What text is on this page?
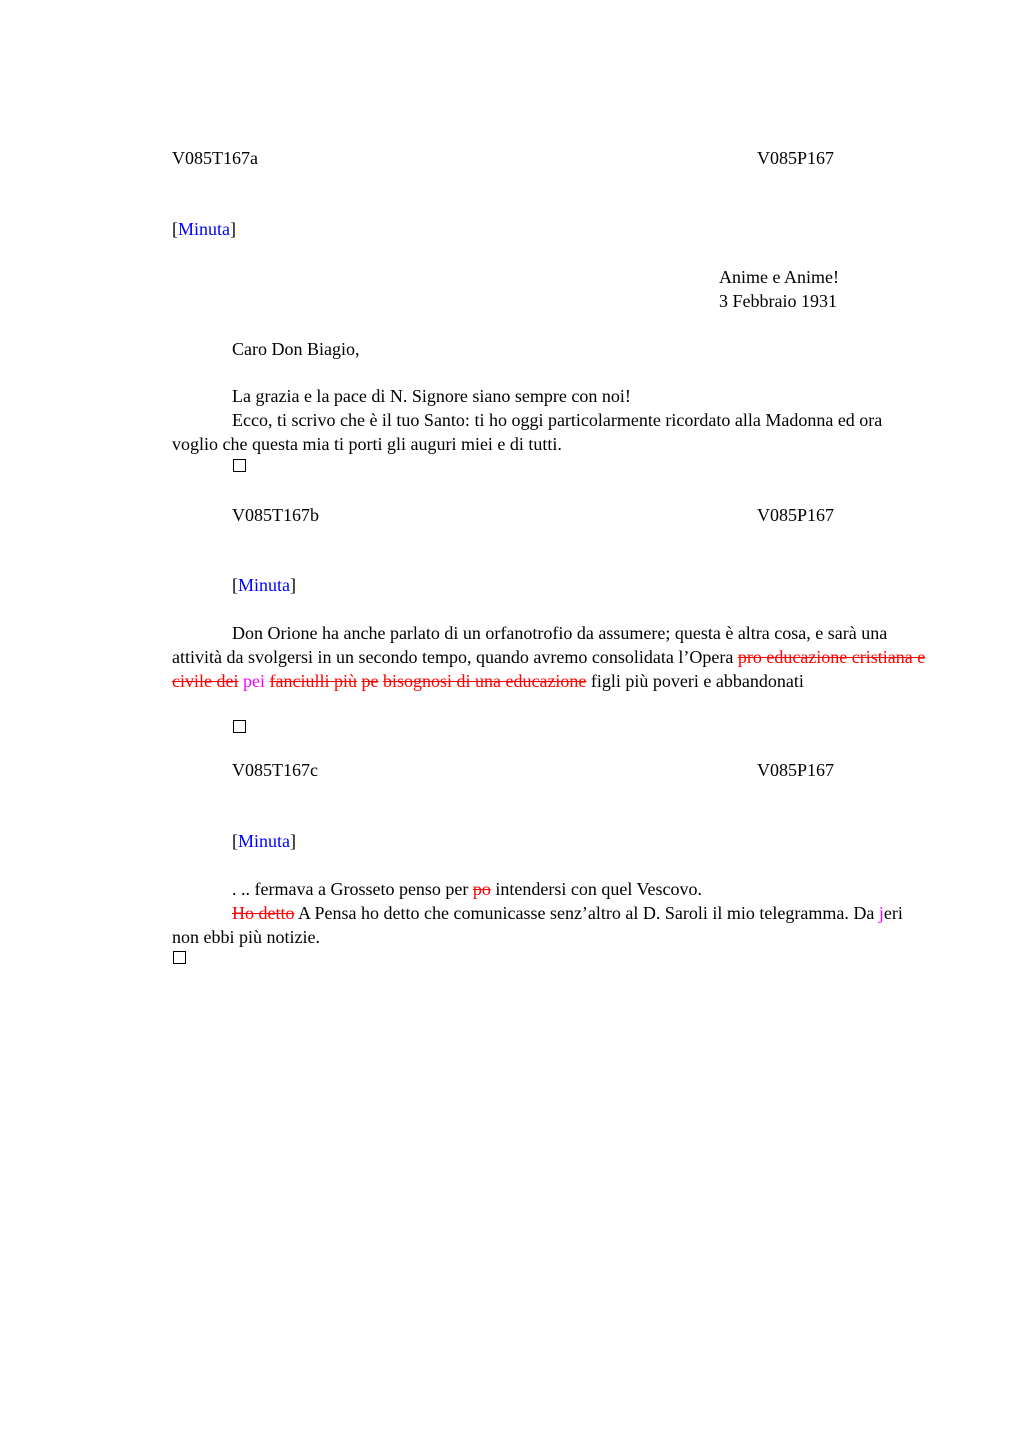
V085T167a	V085P167
[Minuta]
Anime e Anime!
3 Febbraio 1931
Caro Don Biagio,
La grazia e la pace di N. Signore siano sempre con noi!
Ecco, ti scrivo che è il tuo Santo: ti ho oggi particolarmente ricordato alla Madonna ed ora voglio che questa mia ti porti gli auguri miei e di tutti.
V085T167b	V085P167
[Minuta]
Don Orione ha anche parlato di un orfanotrofio da assumere; questa è altra cosa, e sarà una attività da svolgersi in un secondo tempo, quando avremo consolidata l’Opera pro educazione cristiana e civile dei pei fanciulli più pe bisognosi di una educazione figli più poveri e abbandonati
V085T167c	V085P167
[Minuta]
. .. fermava a Grosseto penso per po intendersi con quel Vescovo.
Ho detto A Pensa ho detto che comunicasse senz’altro al D. Saroli il mio telegramma. Da jeri non ebbi più notizie.
